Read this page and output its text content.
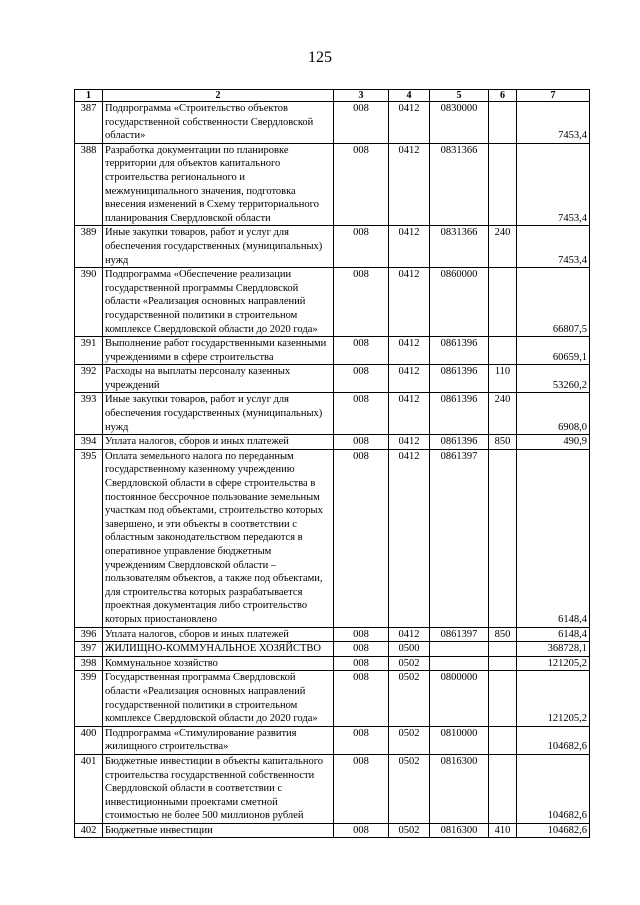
125
1	2	3	4	5	6	7
387	Подпрограмма «Строительство объектов государственной собственности Свердловской области»	008	0412	0830000		7453,4
388	Разработка документации по планировке территории для объектов капитального строительства регионального и межмуниципального значения, подготовка внесения изменений в Схему территориального планирования Свердловской области	008	0412	0831366		7453,4
389	Иные закупки товаров, работ и услуг для обеспечения государственных (муниципальных) нужд	008	0412	0831366	240	7453,4
390	Подпрограмма «Обеспечение реализации государственной программы Свердловской области «Реализация основных направлений государственной политики в строительном комплексе Свердловской области до 2020 года»	008	0412	0860000		66807,5
391	Выполнение работ государственными казенными учреждениями в сфере строительства	008	0412	0861396		60659,1
392	Расходы на выплаты персоналу казенных учреждений	008	0412	0861396	110	53260,2
393	Иные закупки товаров, работ и услуг для обеспечения государственных (муниципальных) нужд	008	0412	0861396	240	6908,0
394	Уплата налогов, сборов и иных платежей	008	0412	0861396	850	490,9
395	Оплата земельного налога по переданным государственному казенному учреждению Свердловской области в сфере строительства в постоянное бессрочное пользование земельным участкам под объектами, строительство которых завершено, и эти объекты в соответствии с областным законодательством передаются в оперативное управление бюджетным учреждениям Свердловской области – пользователям объектов, а также под объектами, для строительства которых разрабатывается проектная документация либо строительство которых приостановлено	008	0412	0861397		6148,4
396	Уплата налогов, сборов и иных платежей	008	0412	0861397	850	6148,4
397	ЖИЛИЩНО-КОММУНАЛЬНОЕ ХОЗЯЙСТВО	008	0500			368728,1
398	Коммунальное хозяйство	008	0502			121205,2
399	Государственная программа Свердловской области «Реализация основных направлений государственной политики в строительном комплексе Свердловской области до 2020 года»	008	0502	0800000		121205,2
400	Подпрограмма «Стимулирование развития жилищного строительства»	008	0502	0810000		104682,6
401	Бюджетные инвестиции в объекты капитального строительства государственной собственности Свердловской области в соответствии с инвестиционными проектами сметной стоимостью не более 500 миллионов рублей	008	0502	0816300		104682,6
402	Бюджетные инвестиции	008	0502	0816300	410	104682,6
